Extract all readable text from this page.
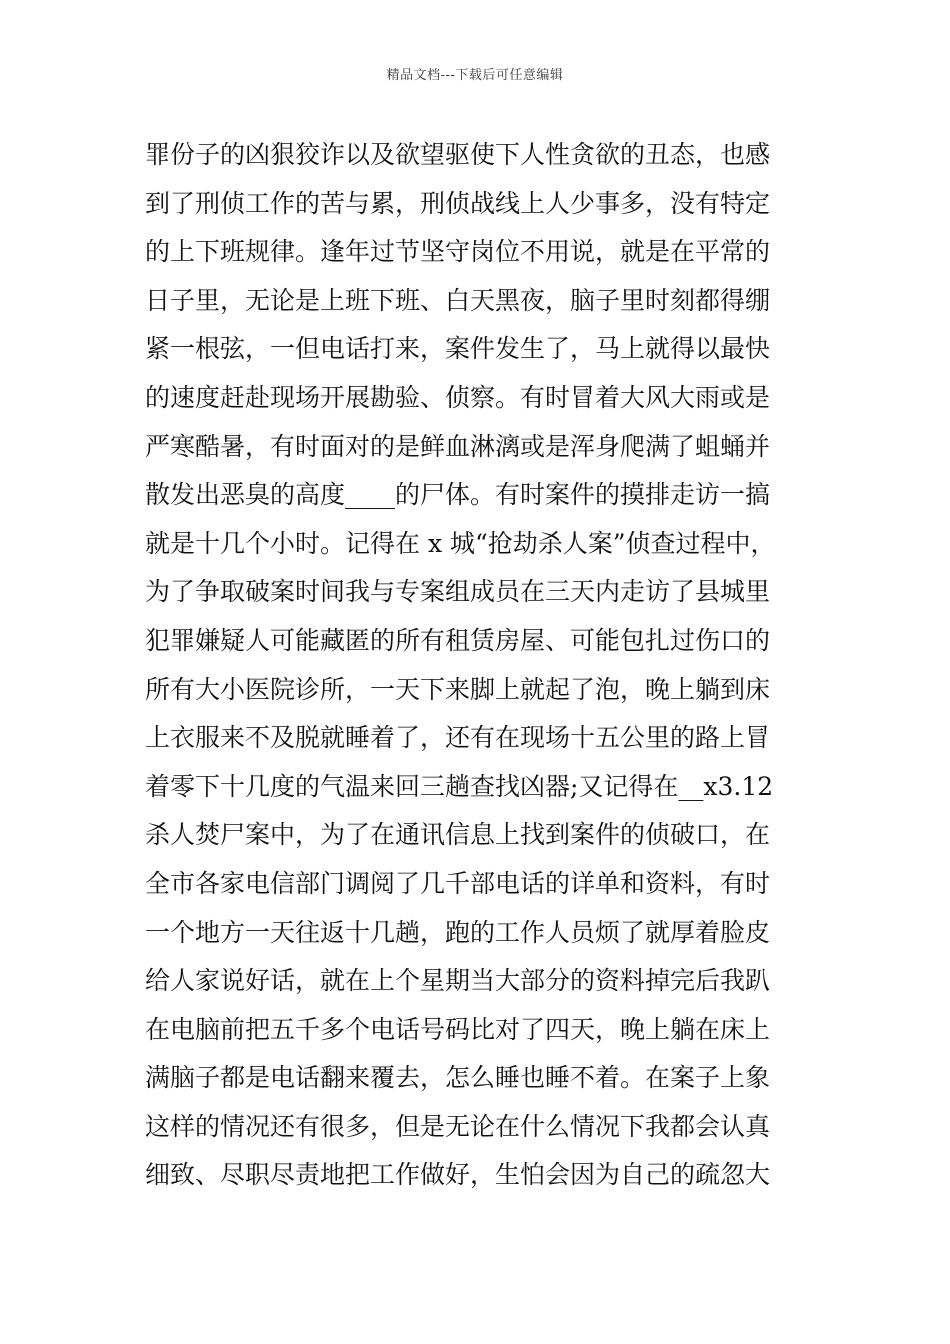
精品文档---下载后可任意编辑
罪份子的凶狠狡诈以及欲望驱使下人性贪欲的丑态，也感
到了刑侦工作的苦与累，刑侦战线上人少事多，没有特定
的上下班规律。逢年过节坚守岗位不用说，就是在平常的
日子里，无论是上班下班、白天黑夜，脑子里时刻都得绷
紧一根弦，一但电话打来，案件发生了，马上就得以最快
的速度赶赴现场开展勘验、侦察。有时冒着大风大雨或是
严寒酷暑，有时面对的是鲜血淋漓或是浑身爬满了蛆蛹并
散发出恶臭的高度____的尸体。有时案件的摸排走访一搞
就是十几个小时。记得在 x 城“抢劫杀人案”侦查过程中，
为了争取破案时间我与专案组成员在三天内走访了县城里
犯罪嫌疑人可能藏匿的所有租赁房屋、可能包扎过伤口的
所有大小医院诊所，一天下来脚上就起了泡，晚上躺到床
上衣服来不及脱就睡着了，还有在现场十五公里的路上冒
着零下十几度的气温来回三趟查找凶器;又记得在__x3.12
杀人焚尸案中，为了在通讯信息上找到案件的侦破口，在
全市各家电信部门调阅了几千部电话的详单和资料，有时
一个地方一天往返十几趟，跑的工作人员烦了就厚着脸皮
给人家说好话，就在上个星期当大部分的资料掉完后我趴
在电脑前把五千多个电话号码比对了四天，晚上躺在床上
满脑子都是电话翻来覆去，怎么睡也睡不着。在案子上象
这样的情况还有很多，但是无论在什么情况下我都会认真
细致、尽职尽责地把工作做好，生怕会因为自己的疏忽大
